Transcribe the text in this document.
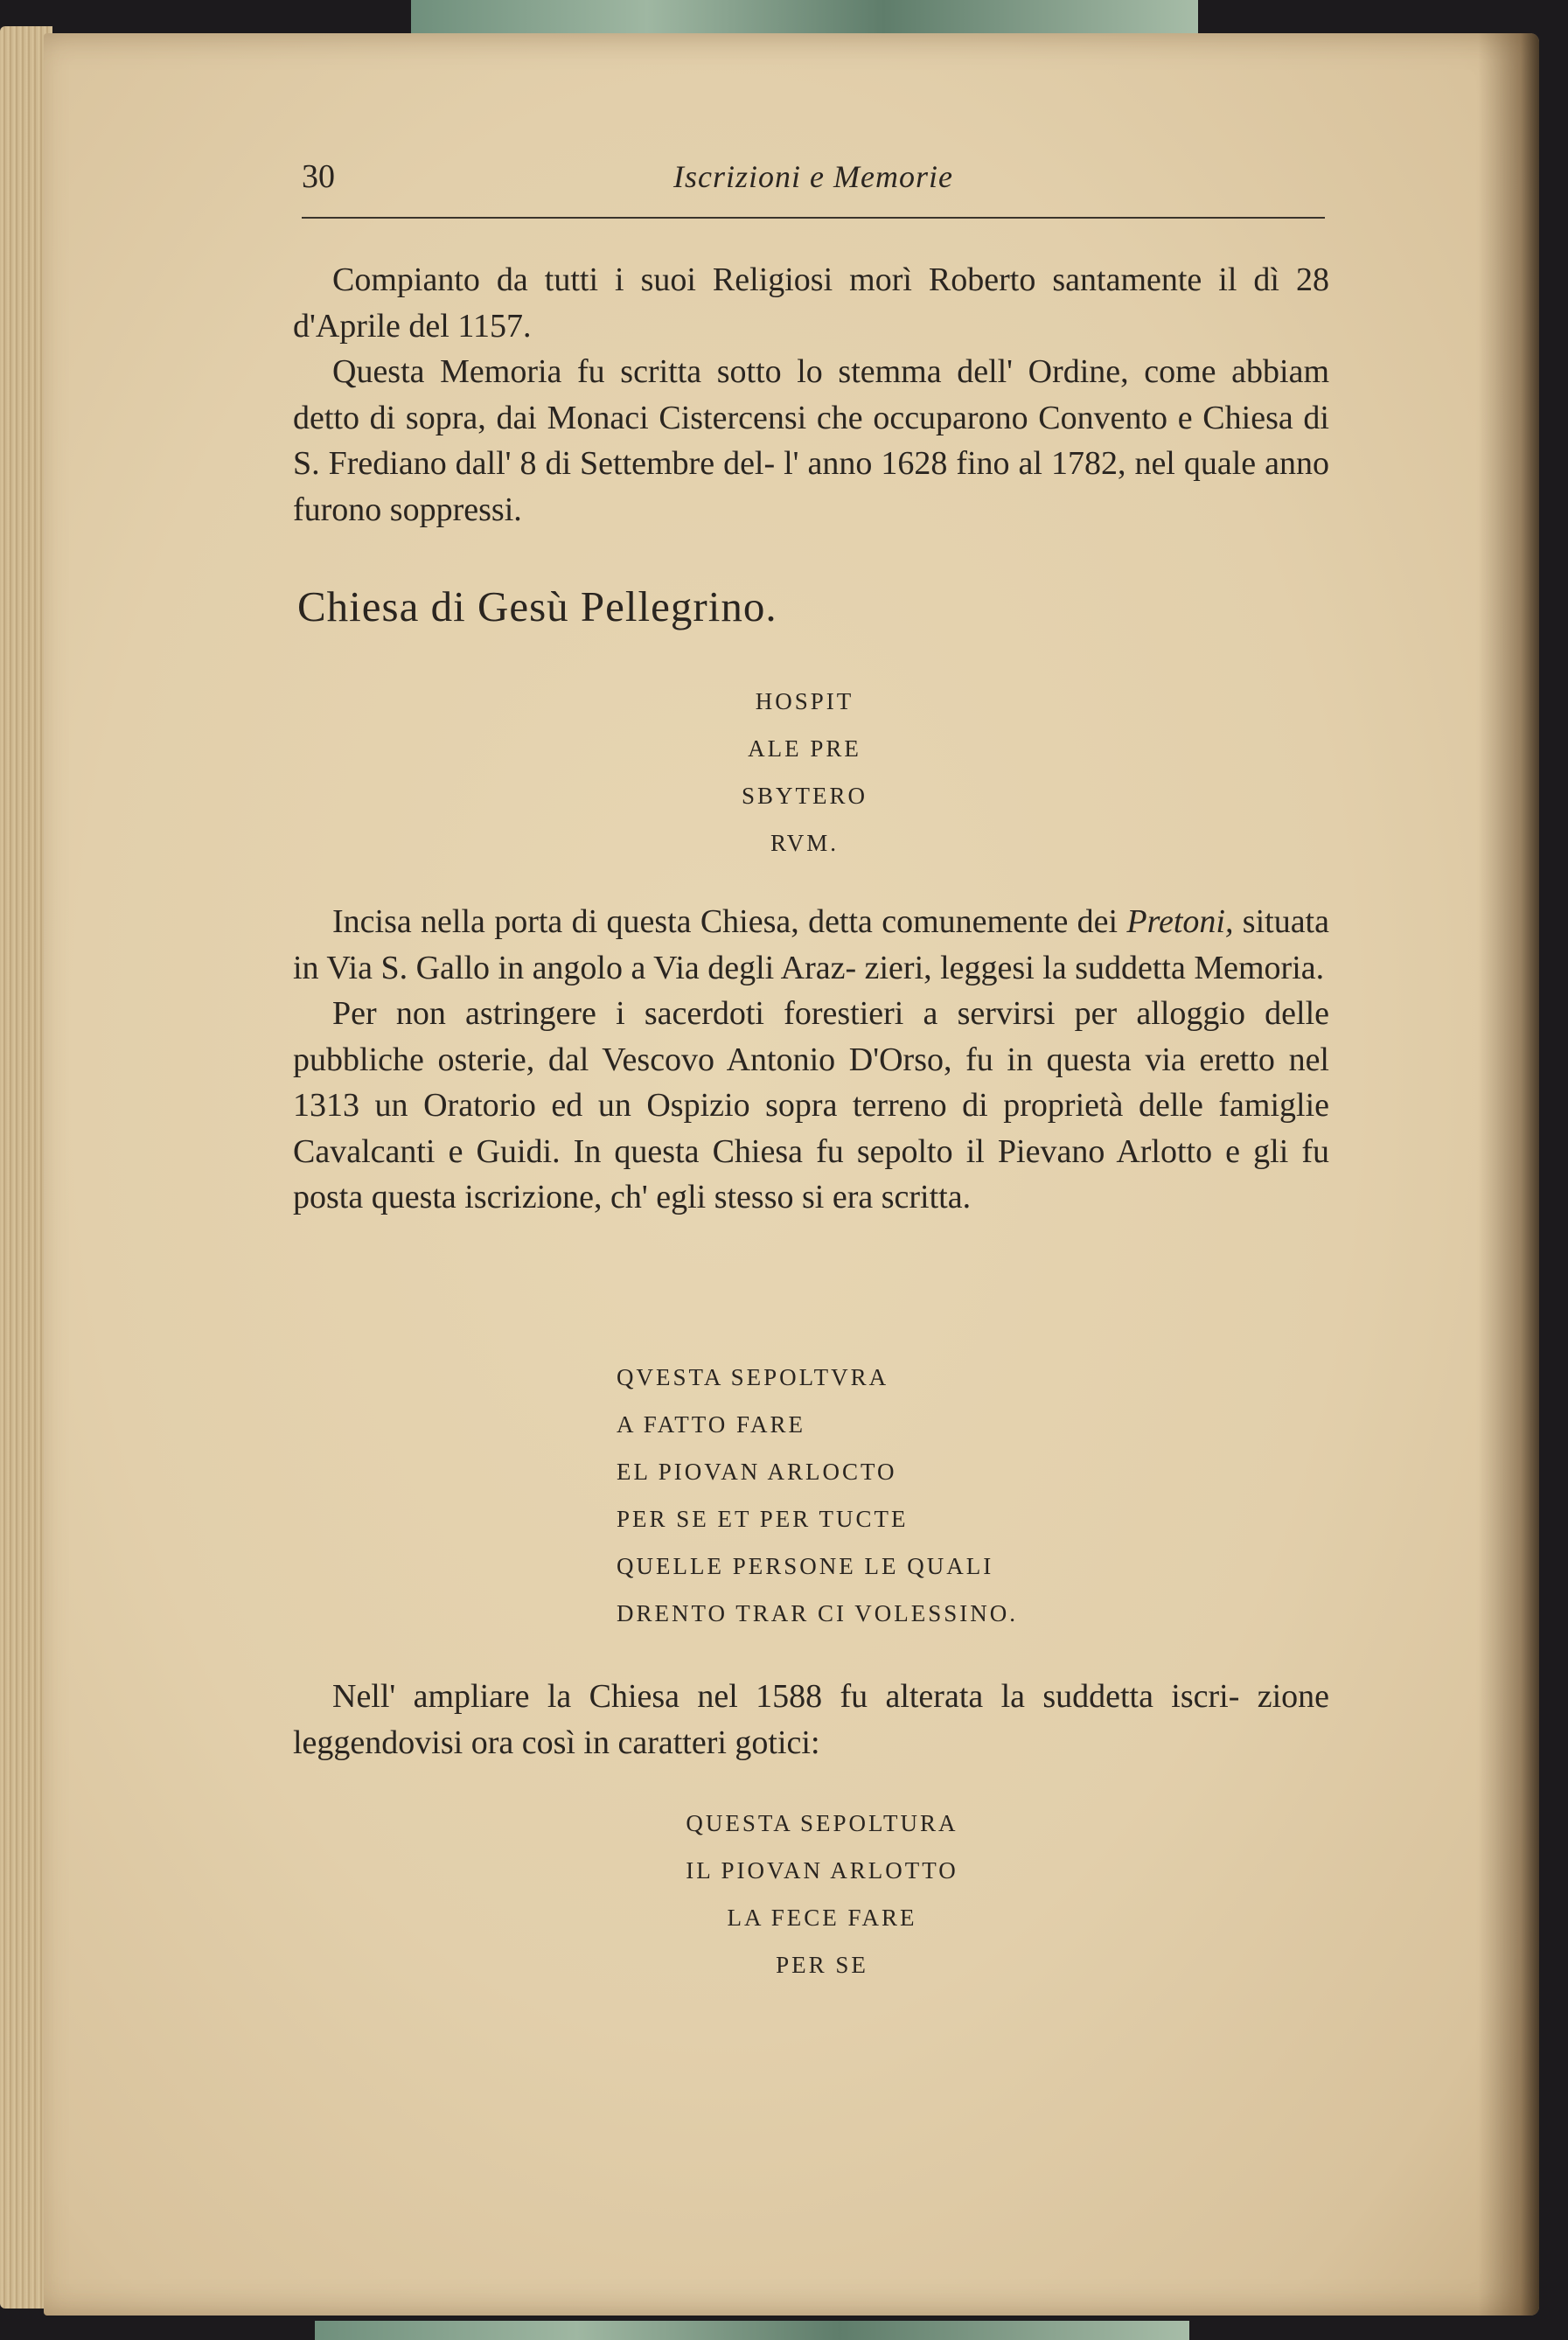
30	Iscrizioni e Memorie

Compianto da tutti i suoi Religiosi morì Roberto santamente il dì 28 d'Aprile del 1157.

Questa Memoria fu scritta sotto lo stemma dell' Ordine, come abbiam detto di sopra, dai Monaci Cistercensi che occuparono Convento e Chiesa di S. Frediano dall' 8 di Settembre del- l' anno 1628 fino al 1782, nel quale anno furono soppressi.

Chiesa di Gesù Pellegrino.
HOSPIT
ALE PRE
SBYTERO
RVM.

Incisa nella porta di questa Chiesa, detta comunemente dei Pretoni, situata in Via S. Gallo in angolo a Via degli Araz- zieri, leggesi la suddetta Memoria.

Per non astringere i sacerdoti forestieri a servirsi per alloggio delle pubbliche osterie, dal Vescovo Antonio D'Orso, fu in questa via eretto nel 1313 un Oratorio ed un Ospizio sopra terreno di proprietà delle famiglie Cavalcanti e Guidi. In questa Chiesa fu sepolto il Pievano Arlotto e gli fu posta questa iscrizione, ch' egli stesso si era scritta.

QVESTA SEPOLTVRA
A FATTO FARE
EL PIOVAN ARLOCTO
PER SE ET PER TUCTE
QUELLE PERSONE LE QUALI
DRENTO TRAR CI VOLESSINO.

Nell' ampliare la Chiesa nel 1588 fu alterata la suddetta iscri- zione leggendovisi ora così in caratteri gotici:

QUESTA SEPOLTURA
IL PIOVAN ARLOTTO
LA FECE FARE
PER SE
